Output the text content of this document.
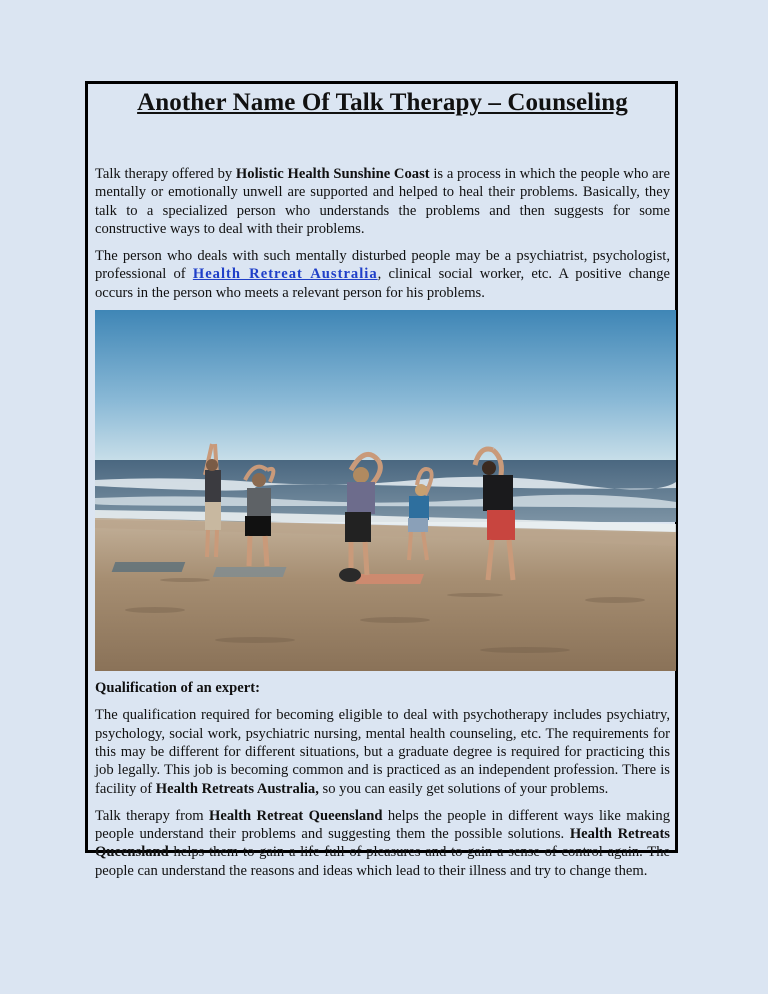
Another Name Of Talk Therapy – Counseling

Talk therapy offered by Holistic Health Sunshine Coast is a process in which the people who are mentally or emotionally unwell are supported and helped to heal their problems. Basically, they talk to a specialized person who understands the problems and then suggests for some constructive ways to deal with their problems.

The person who deals with such mentally disturbed people may be a psychiatrist, psychologist, professional of Health Retreat Australia, clinical social worker, etc. A positive change occurs in the person who meets a relevant person for his problems.

Qualification of an expert:

The qualification required for becoming eligible to deal with psychotherapy includes psychiatry, psychology, social work, psychiatric nursing, mental health counseling, etc. The requirements for this may be different for different situations, but a graduate degree is required for practicing this job legally. This job is becoming common and is practiced as an independent profession. There is facility of Health Retreats Australia, so you can easily get solutions of your problems.

Talk therapy from Health Retreat Queensland helps the people in different ways like making people understand their problems and suggesting them the possible solutions. Health Retreats Queensland helps them to gain a life full of pleasures and to gain a sense of control again. The people can understand the reasons and ideas which lead to their illness and try to change them.
